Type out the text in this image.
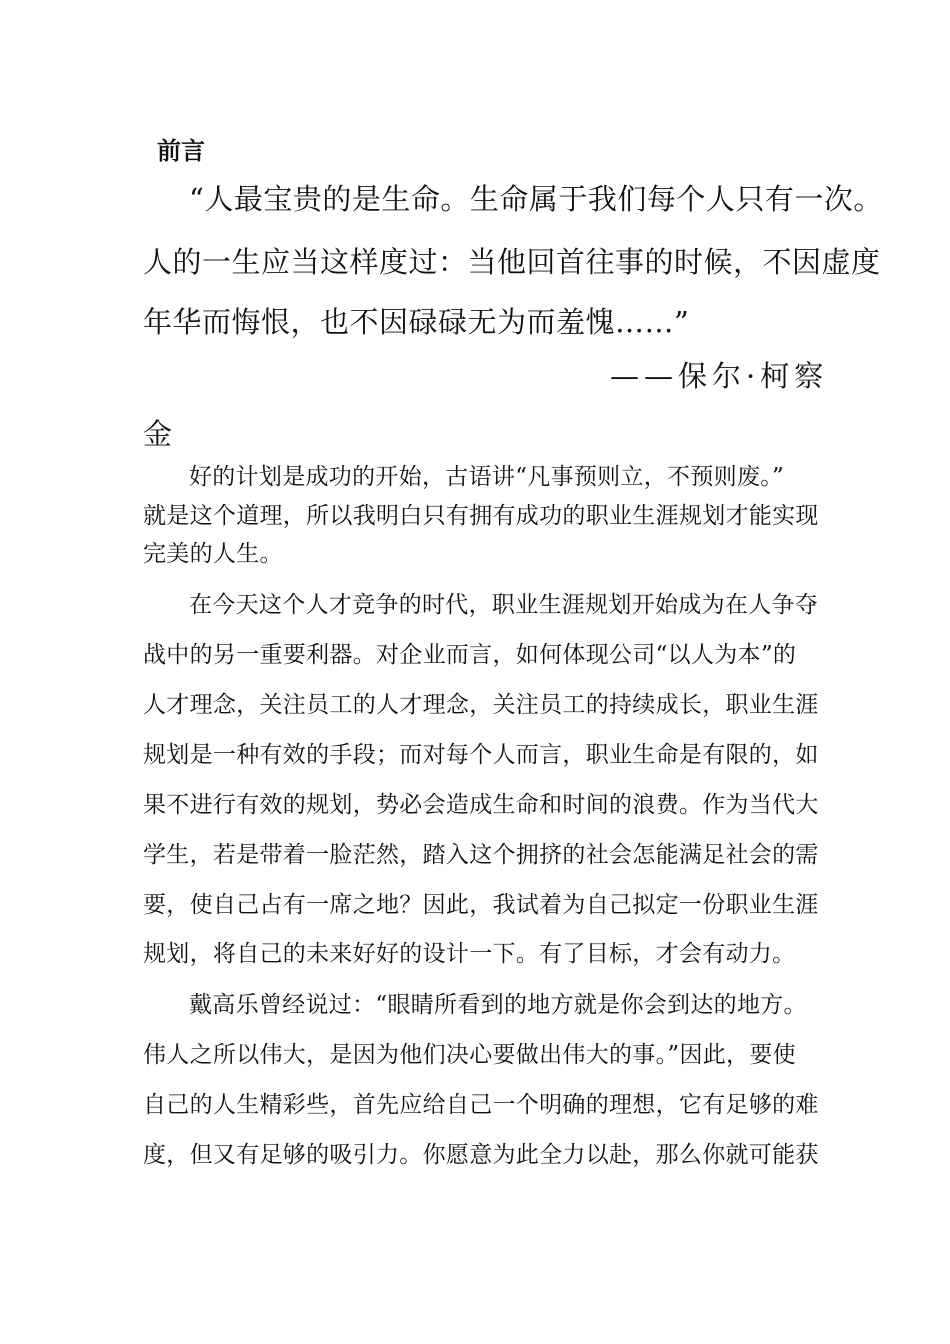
前言
“人最宝贵的是生命。生命属于我们每个人只有一次。
人的一生应当这样度过：当他回首往事的时候，不因虚度
年华而悔恨，也不因碌碌无为而羞愧……”
——保尔·柯察
金
好的计划是成功的开始，古语讲“凡事预则立，不预则废。”
就是这个道理，所以我明白只有拥有成功的职业生涯规划才能实现
完美的人生。
在今天这个人才竞争的时代，职业生涯规划开始成为在人争夺
战中的另一重要利器。对企业而言，如何体现公司“以人为本”的
人才理念，关注员工的人才理念，关注员工的持续成长，职业生涯
规划是一种有效的手段；而对每个人而言，职业生命是有限的，如
果不进行有效的规划，势必会造成生命和时间的浪费。作为当代大
学生，若是带着一脸茫然，踏入这个拥挤的社会怎能满足社会的需
要，使自己占有一席之地？因此，我试着为自己拟定一份职业生涯
规划，将自己的未来好好的设计一下。有了目标，才会有动力。
戴高乐曾经说过：“眼睛所看到的地方就是你会到达的地方。
伟人之所以伟大，是因为他们决心要做出伟大的事。”因此，要使
自己的人生精彩些，首先应给自己一个明确的理想，它有足够的难
度，但又有足够的吸引力。你愿意为此全力以赴，那么你就可能获
